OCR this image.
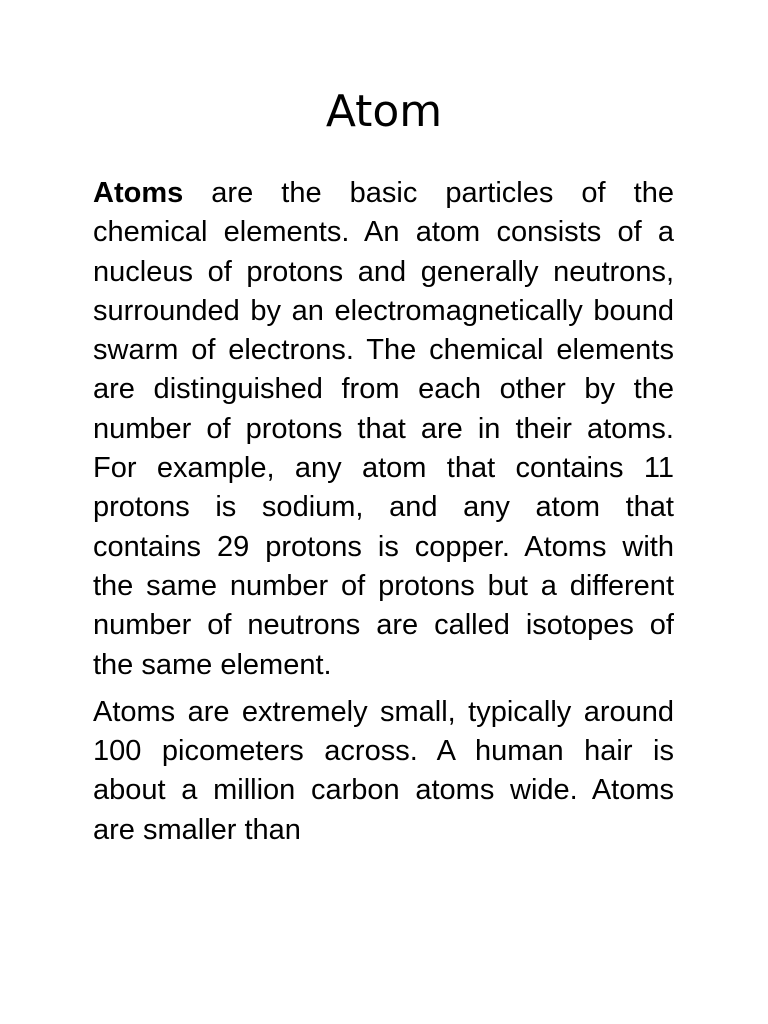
Atom

Atoms are the basic particles of the chemical elements. An atom consists of a nucleus of protons and generally neutrons, surrounded by an electromagnetically bound swarm of electrons. The chemical elements are distinguished from each other by the number of protons that are in their atoms. For example, any atom that contains 11 protons is sodium, and any atom that contains 29 protons is copper. Atoms with the same number of protons but a different number of neutrons are called isotopes of the same element.

Atoms are extremely small, typically around 100 picometers across. A human hair is about a million carbon atoms wide. Atoms are smaller than
